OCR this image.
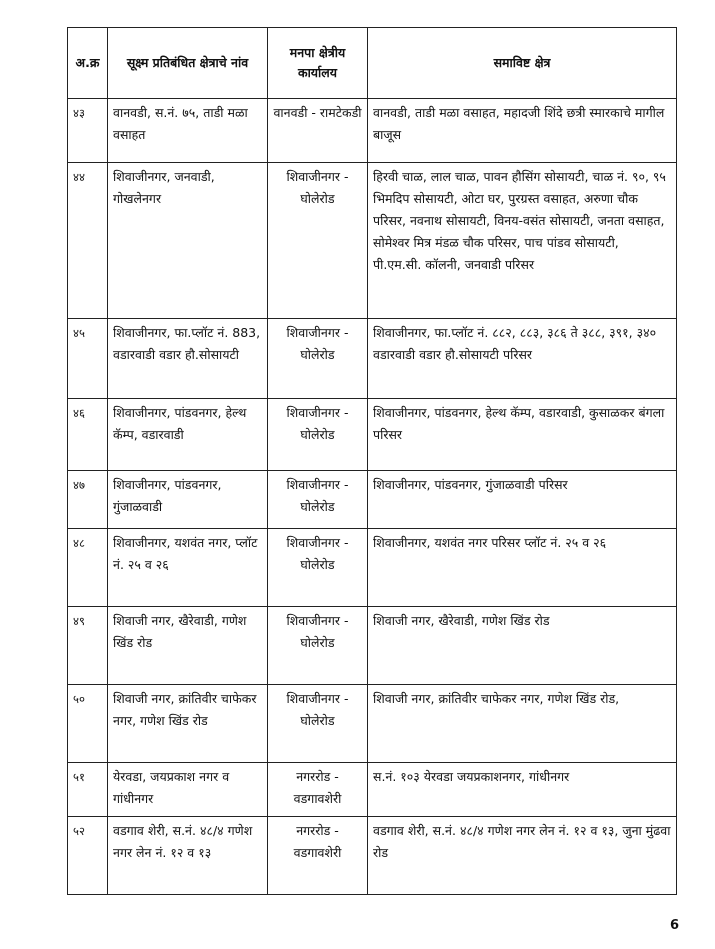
अ.क्र	सूक्ष्म प्रतिबंधित क्षेत्राचे नांव	मनपा क्षेत्रीय कार्यालय	समाविष्ट क्षेत्र
४३	वानवडी, स.नं. ७५, ताडी मळा वसाहत	वानवडी - रामटेकडी	वानवडी, ताडी मळा वसाहत, महादजी शिंदे छत्री स्मारकाचे मागील बाजूस
४४	शिवाजीनगर, जनवाडी, गोखलेनगर	शिवाजीनगर - घोलेरोड	हिरवी चाळ, लाल चाळ, पावन हौसिंग सोसायटी, चाळ नं. ९०, ९५ भिमदिप सोसायटी, ओटा घर, पुरग्रस्त वसाहत, अरुणा चौक परिसर, नवनाथ सोसायटी, विनय-वसंत सोसायटी, जनता वसाहत, सोमेश्वर मित्र मंडळ चौक परिसर, पाच पांडव सोसायटी, पी.एम.सी. कॉलनी, जनवाडी परिसर
४५	शिवाजीनगर, फा.प्लॉट नं. 883, वडारवाडी वडार हौ.सोसायटी	शिवाजीनगर - घोलेरोड	शिवाजीनगर, फा.प्लॉट नं. ८८२, ८८३, ३८६ ते ३८८, ३९१, ३४० वडारवाडी वडार हौ.सोसायटी परिसर
४६	शिवाजीनगर, पांडवनगर, हेल्थ कॅम्प, वडारवाडी	शिवाजीनगर - घोलेरोड	शिवाजीनगर, पांडवनगर, हेल्थ कॅम्प, वडारवाडी, कुसाळकर बंगला परिसर
४७	शिवाजीनगर, पांडवनगर, गुंजाळवाडी	शिवाजीनगर - घोलेरोड	शिवाजीनगर, पांडवनगर, गुंजाळवाडी परिसर
४८	शिवाजीनगर, यशवंत नगर, प्लॉट नं. २५ व २६	शिवाजीनगर - घोलेरोड	शिवाजीनगर, यशवंत नगर परिसर प्लॉट नं. २५ व २६
४९	शिवाजी नगर, खैरेवाडी, गणेश खिंड रोड	शिवाजीनगर - घोलेरोड	शिवाजी नगर, खैरेवाडी, गणेश खिंड रोड
५०	शिवाजी नगर, क्रांतिवीर चाफेकर नगर, गणेश खिंड रोड	शिवाजीनगर - घोलेरोड	शिवाजी नगर, क्रांतिवीर चाफेकर नगर, गणेश खिंड रोड,
५१	येरवडा, जयप्रकाश नगर व गांधीनगर	नगररोड - वडगावशेरी	स.नं. १०३ येरवडा जयप्रकाशनगर, गांधीनगर
५२	वडगाव शेरी, स.नं. ४८/४ गणेश नगर लेन नं. १२ व १३	नगररोड - वडगावशेरी	वडगाव शेरी, स.नं. ४८/४ गणेश नगर लेन नं. १२ व १३, जुना मुंढवा रोड
6
